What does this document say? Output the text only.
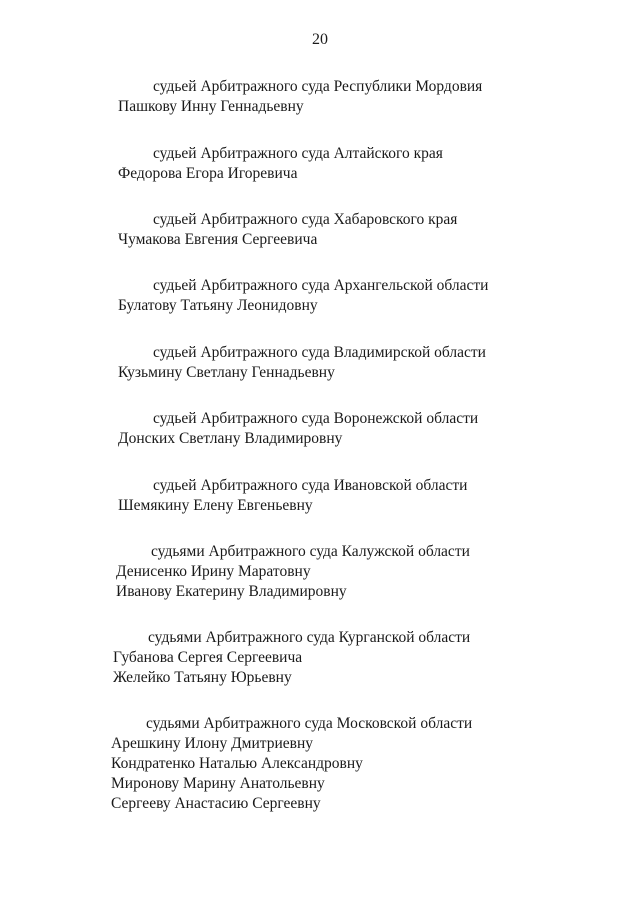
20
судьей Арбитражного суда Республики Мордовия
Пашкову Инну Геннадьевну
судьей Арбитражного суда Алтайского края
Федорова Егора Игоревича
судьей Арбитражного суда Хабаровского края
Чумакова Евгения Сергеевича
судьей Арбитражного суда Архангельской области
Булатову Татьяну Леонидовну
судьей Арбитражного суда Владимирской области
Кузьмину Светлану Геннадьевну
судьей Арбитражного суда Воронежской области
Донских Светлану Владимировну
судьей Арбитражного суда Ивановской области
Шемякину Елену Евгеньевну
судьями Арбитражного суда Калужской области
Денисенко Ирину Маратовну
Иванову Екатерину Владимировну
судьями Арбитражного суда Курганской области
Губанова Сергея Сергеевича
Желейко Татьяну Юрьевну
судьями Арбитражного суда Московской области
Арешкину Илону Дмитриевну
Кондратенко Наталью Александровну
Миронову Марину Анатольевну
Сергееву Анастасию Сергеевну
